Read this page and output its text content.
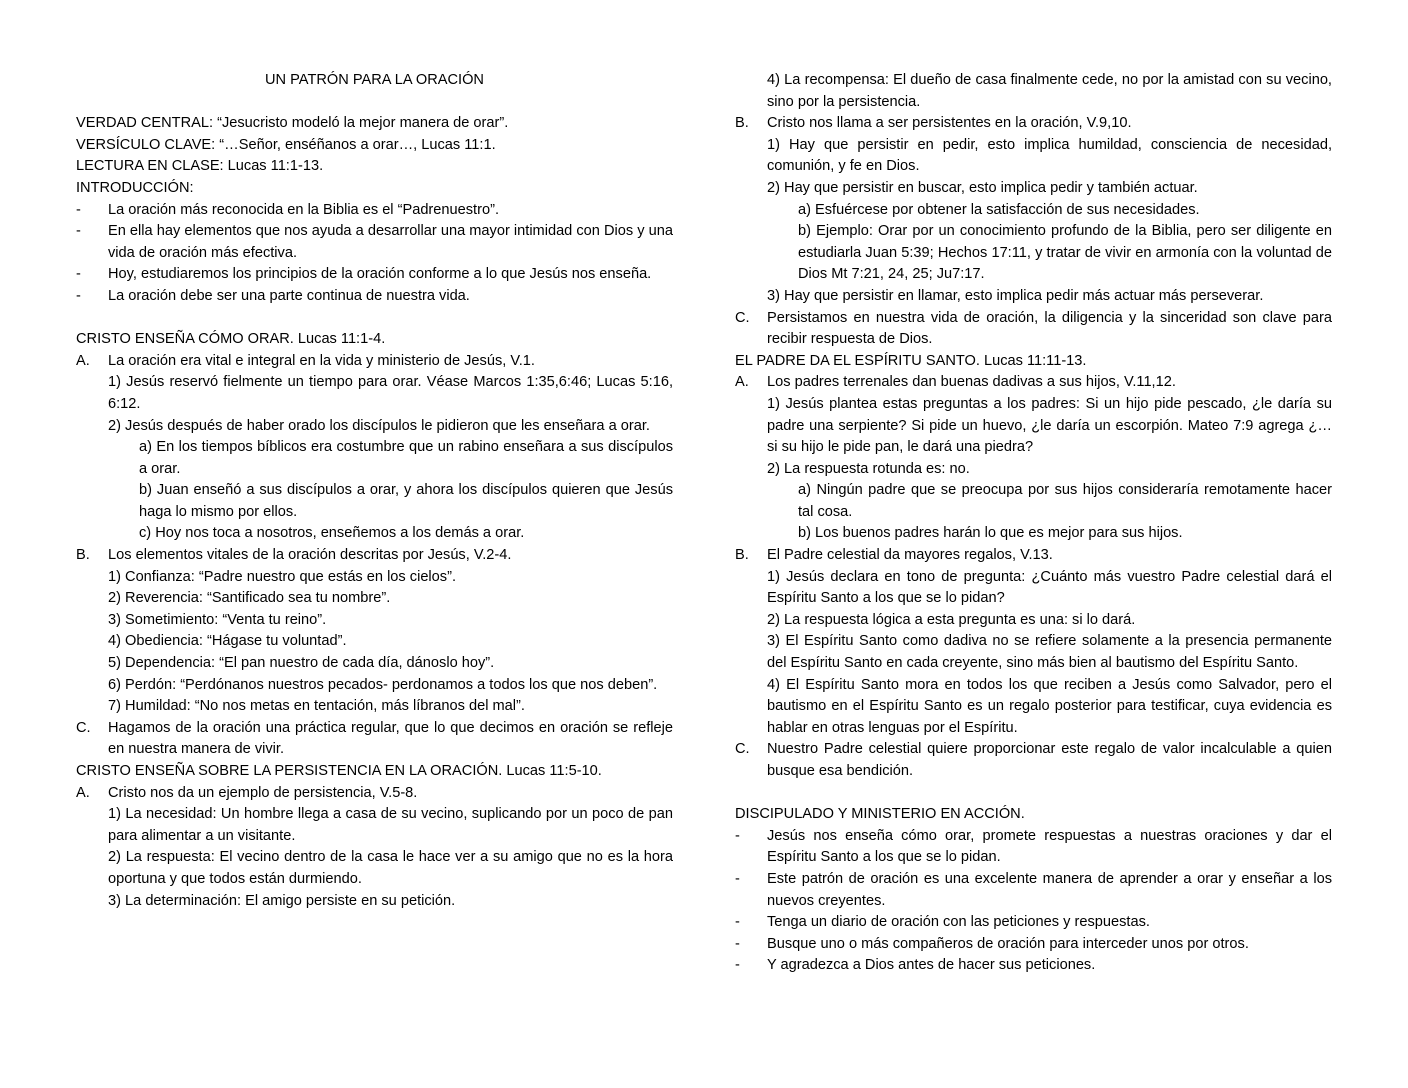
UN PATRÓN PARA LA ORACIÓN
VERDAD CENTRAL: “Jesucristo modeló la mejor manera de orar”.
VERSÍCULO CLAVE: “…Señor, enséñanos a orar…, Lucas 11:1.
LECTURA EN CLASE: Lucas 11:1-13.
INTRODUCCIÓN:
- La oración más reconocida en la Biblia es el “Padrenuestro”.
- En ella hay elementos que nos ayuda a desarrollar una mayor intimidad con Dios y una vida de oración más efectiva.
- Hoy, estudiaremos los principios de la oración conforme a lo que Jesús nos enseña.
- La oración debe ser una parte continua de nuestra vida.
CRISTO ENSEÑA CÓMO ORAR. Lucas 11:1-4.
A. La oración era vital e integral en la vida y ministerio de Jesús, V.1.
1) Jesús reservó fielmente un tiempo para orar. Véase Marcos 1:35,6:46; Lucas 5:16, 6:12.
2) Jesús después de haber orado los discípulos le pidieron que les enseñara a orar.
a) En los tiempos bíblicos era costumbre que un rabino enseñara a sus discípulos a orar.
b) Juan enseñó a sus discípulos a orar, y ahora los discípulos quieren que Jesús haga lo mismo por ellos.
c) Hoy nos toca a nosotros, enseñemos a los demás a orar.
B. Los elementos vitales de la oración descritas por Jesús, V.2-4.
1) Confianza: “Padre nuestro que estás en los cielos”.
2) Reverencia: “Santificado sea tu nombre”.
3) Sometimiento: “Venta tu reino”.
4) Obediencia: “Hágase tu voluntad”.
5) Dependencia: “El pan nuestro de cada día, dánoslo hoy”.
6) Perdón: “Perdónanos nuestros pecados- perdonamos a todos los que nos deben”.
7) Humildad: “No nos metas en tentación, más líbranos del mal”.
C. Hagamos de la oración una práctica regular, que lo que decimos en oración se refleje en nuestra manera de vivir.
CRISTO ENSEÑA SOBRE LA PERSISTENCIA EN LA ORACIÓN. Lucas 11:5-10.
A. Cristo nos da un ejemplo de persistencia, V.5-8.
1) La necesidad: Un hombre llega a casa de su vecino, suplicando por un poco de pan para alimentar a un visitante.
2) La respuesta: El vecino dentro de la casa le hace ver a su amigo que no es la hora oportuna y que todos están durmiendo.
3) La determinación: El amigo persiste en su petición.
4) La recompensa: El dueño de casa finalmente cede, no por la amistad con su vecino, sino por la persistencia.
B. Cristo nos llama a ser persistentes en la oración, V.9,10.
1) Hay que persistir en pedir, esto implica humildad, consciencia de necesidad, comunión, y fe en Dios.
2) Hay que persistir en buscar, esto implica pedir y también actuar.
a) Esfuércese por obtener la satisfacción de sus necesidades.
b) Ejemplo: Orar por un conocimiento profundo de la Biblia, pero ser diligente en estudiarla Juan 5:39; Hechos 17:11, y tratar de vivir en armonía con la voluntad de Dios Mt 7:21, 24, 25; Ju7:17.
3) Hay que persistir en llamar, esto implica pedir más actuar más perseverar.
C. Persistamos en nuestra vida de oración, la diligencia y la sinceridad son clave para recibir respuesta de Dios.
EL PADRE DA EL ESPÍRITU SANTO. Lucas 11:11-13.
A. Los padres terrenales dan buenas dadivas a sus hijos, V.11,12.
1) Jesús plantea estas preguntas a los padres: Si un hijo pide pescado, ¿le daría su padre una serpiente? Si pide un huevo, ¿le daría un escorpión. Mateo 7:9 agrega ¿… si su hijo le pide pan, le dará una piedra?
2) La respuesta rotunda es: no.
a) Ningún padre que se preocupa por sus hijos consideraría remotamente hacer tal cosa.
b) Los buenos padres harán lo que es mejor para sus hijos.
B. El Padre celestial da mayores regalos, V.13.
1) Jesús declara en tono de pregunta: ¿Cuánto más vuestro Padre celestial dará el Espíritu Santo a los que se lo pidan?
2) La respuesta lógica a esta pregunta es una: si lo dará.
3) El Espíritu Santo como dadiva no se refiere solamente a la presencia permanente del Espíritu Santo en cada creyente, sino más bien al bautismo del Espíritu Santo.
4) El Espíritu Santo mora en todos los que reciben a Jesús como Salvador, pero el bautismo en el Espíritu Santo es un regalo posterior para testificar, cuya evidencia es hablar en otras lenguas por el Espíritu.
C. Nuestro Padre celestial quiere proporcionar este regalo de valor incalculable a quien busque esa bendición.
DISCIPULADO Y MINISTERIO EN ACCIÓN.
- Jesús nos enseña cómo orar, promete respuestas a nuestras oraciones y dar el Espíritu Santo a los que se lo pidan.
- Este patrón de oración es una excelente manera de aprender a orar y enseñar a los nuevos creyentes.
- Tenga un diario de oración con las peticiones y respuestas.
- Busque uno o más compañeros de oración para interceder unos por otros.
- Y agradezca a Dios antes de hacer sus peticiones.
